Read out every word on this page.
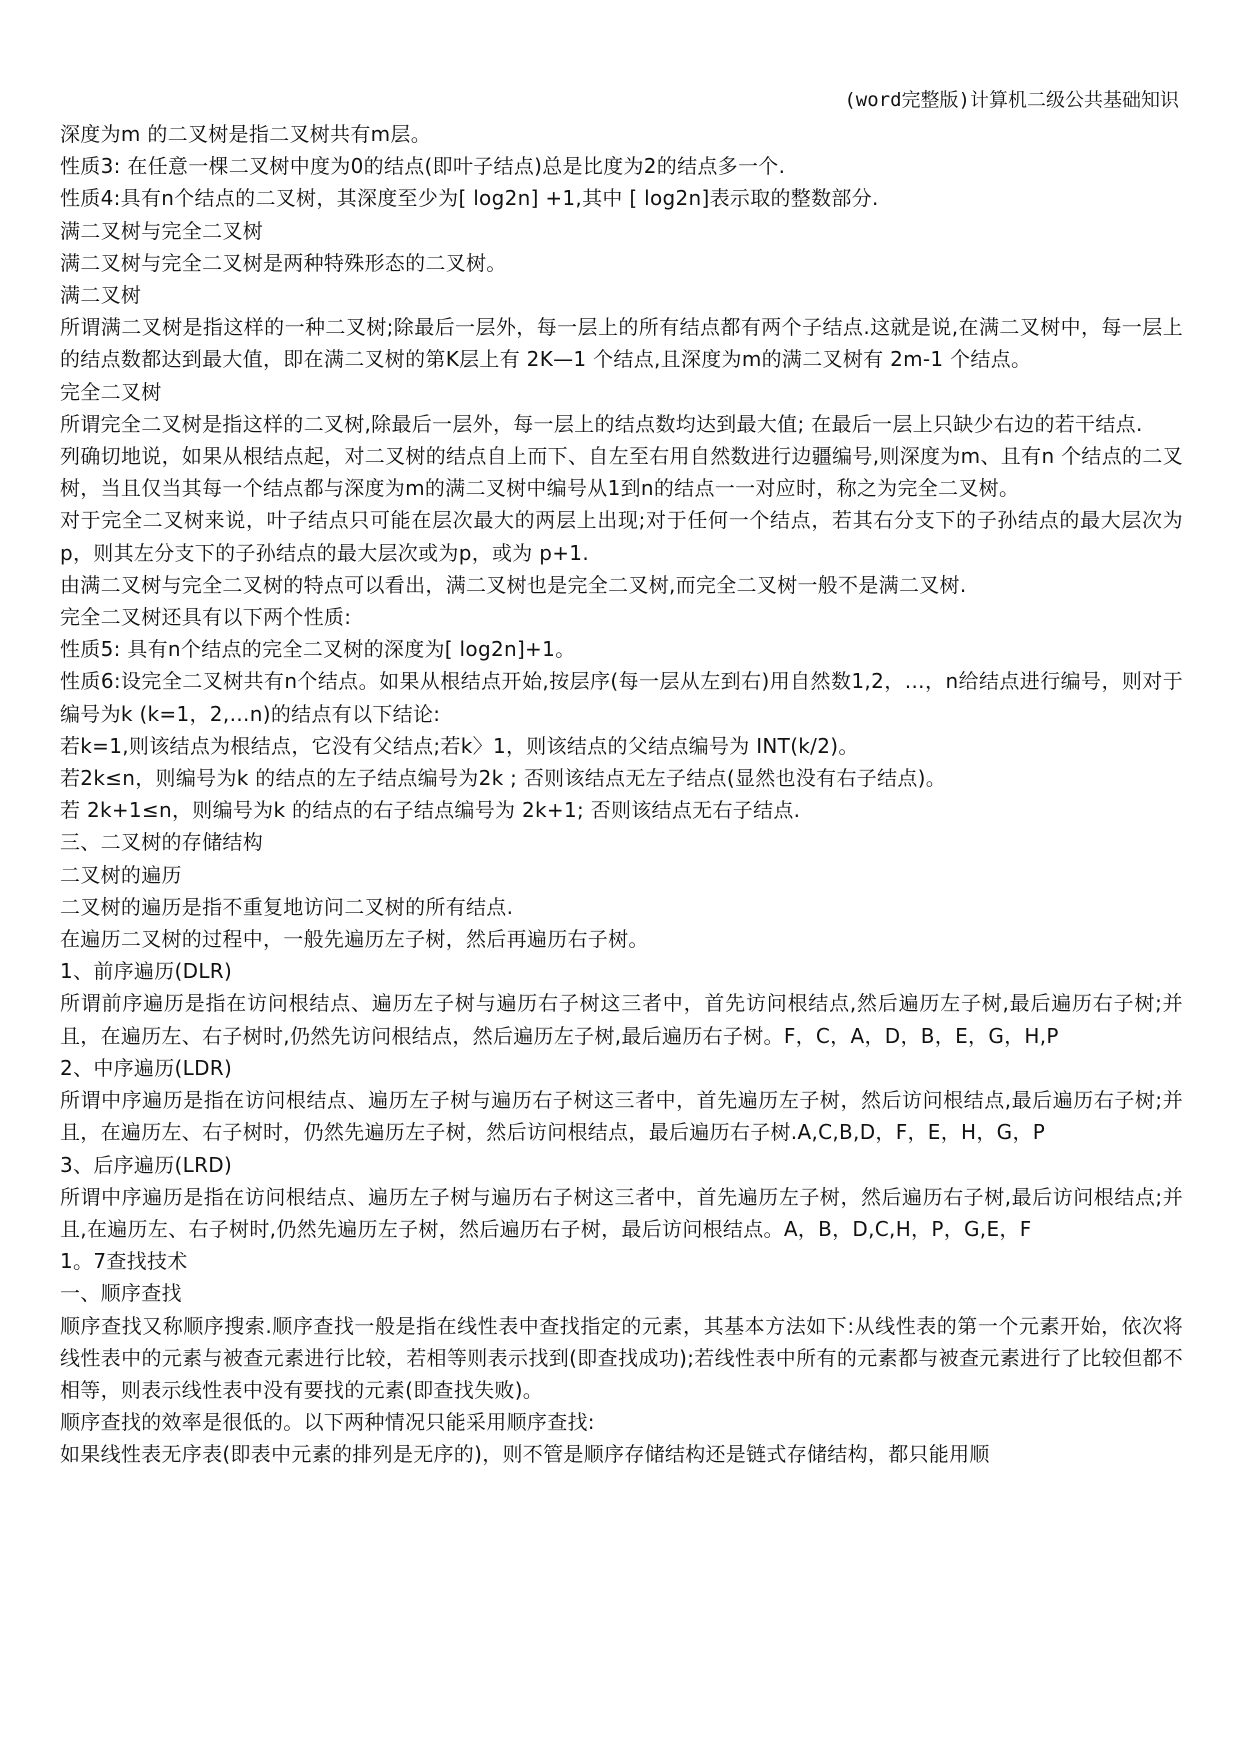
(word完整版)计算机二级公共基础知识

深度为m 的二叉树是指二叉树共有m层。

性质3: 在任意一棵二叉树中度为0的结点(即叶子结点)总是比度为2的结点多一个.

性质4:具有n个结点的二叉树，其深度至少为[ log2n] +1,其中 [ log2n]表示取的整数部分.

满二叉树与完全二叉树

满二叉树与完全二叉树是两种特殊形态的二叉树。

满二叉树

所谓满二叉树是指这样的一种二叉树;除最后一层外，每一层上的所有结点都有两个子结点.这就是说,在满二叉树中，每一层上的结点数都达到最大值，即在满二叉树的第K层上有 2K—1 个结点,且深度为m的满二叉树有 2m-1 个结点。

完全二叉树

所谓完全二叉树是指这样的二叉树,除最后一层外，每一层上的结点数均达到最大值; 在最后一层上只缺少右边的若干结点.

列确切地说，如果从根结点起，对二叉树的结点自上而下、自左至右用自然数进行边疆编号,则深度为m、且有n 个结点的二叉树，当且仅当其每一个结点都与深度为m的满二叉树中编号从1到n的结点一一对应时，称之为完全二叉树。

对于完全二叉树来说，叶子结点只可能在层次最大的两层上出现;对于任何一个结点，若其右分支下的子孙结点的最大层次为p，则其左分支下的子孙结点的最大层次或为p，或为 p+1.

由满二叉树与完全二叉树的特点可以看出，满二叉树也是完全二叉树,而完全二叉树一般不是满二叉树.

完全二叉树还具有以下两个性质:

性质5: 具有n个结点的完全二叉树的深度为[ log2n]+1。

性质6:设完全二叉树共有n个结点。如果从根结点开始,按层序(每一层从左到右)用自然数1,2，…，n给结点进行编号，则对于编号为k (k=1，2,…n)的结点有以下结论:

若k=1,则该结点为根结点，它没有父结点;若k〉1，则该结点的父结点编号为 INT(k/2)。

若2k≤n，则编号为k 的结点的左子结点编号为2k ; 否则该结点无左子结点(显然也没有右子结点)。

若 2k+1≤n，则编号为k 的结点的右子结点编号为 2k+1; 否则该结点无右子结点.

三、二叉树的存储结构

二叉树的遍历

二叉树的遍历是指不重复地访问二叉树的所有结点.

在遍历二叉树的过程中，一般先遍历左子树，然后再遍历右子树。

1、前序遍历(DLR)

所谓前序遍历是指在访问根结点、遍历左子树与遍历右子树这三者中，首先访问根结点,然后遍历左子树,最后遍历右子树;并且，在遍历左、右子树时,仍然先访问根结点，然后遍历左子树,最后遍历右子树。F，C，A，D，B，E，G，H,P

2、中序遍历(LDR)

所谓中序遍历是指在访问根结点、遍历左子树与遍历右子树这三者中，首先遍历左子树，然后访问根结点,最后遍历右子树;并且，在遍历左、右子树时，仍然先遍历左子树，然后访问根结点，最后遍历右子树.A,C,B,D，F，E，H，G，P

3、后序遍历(LRD)

所谓中序遍历是指在访问根结点、遍历左子树与遍历右子树这三者中，首先遍历左子树，然后遍历右子树,最后访问根结点;并且,在遍历左、右子树时,仍然先遍历左子树，然后遍历右子树，最后访问根结点。A，B，D,C,H，P，G,E，F

1。7查找技术

一、顺序查找

顺序查找又称顺序搜索.顺序查找一般是指在线性表中查找指定的元素，其基本方法如下:从线性表的第一个元素开始，依次将线性表中的元素与被查元素进行比较，若相等则表示找到(即查找成功);若线性表中所有的元素都与被查元素进行了比较但都不相等，则表示线性表中没有要找的元素(即查找失败)。

顺序查找的效率是很低的。以下两种情况只能采用顺序查找:

如果线性表无序表(即表中元素的排列是无序的)，则不管是顺序存储结构还是链式存储结构，都只能用顺
